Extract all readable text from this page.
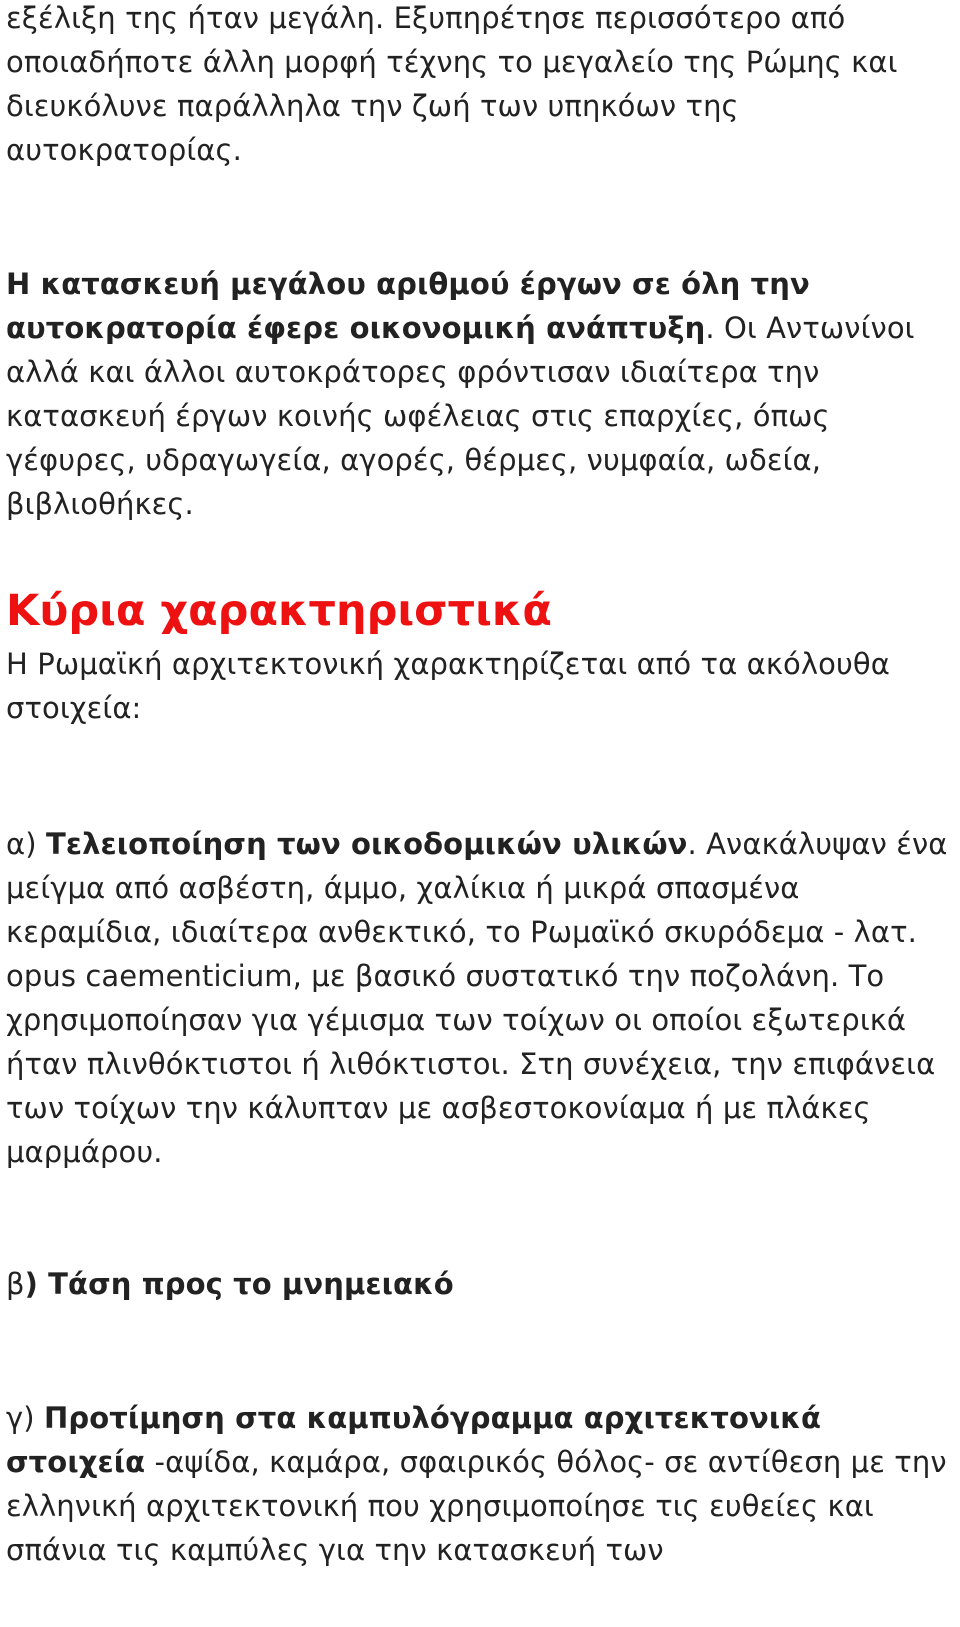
εξέλιξη της ήταν μεγάλη. Εξυπηρέτησε περισσότερο από οποιαδήποτε άλλη μορφή τέχνης το μεγαλείο της Ρώμης και διευκόλυνε παράλληλα την ζωή των υπηκόων της αυτοκρατορίας.

Η κατασκευή μεγάλου αριθμού έργων σε όλη την αυτοκρατορία έφερε οικονομική ανάπτυξη. Οι Αντωνίνοι αλλά και άλλοι αυτοκράτορες φρόντισαν ιδιαίτερα την κατασκευή έργων κοινής ωφέλειας στις επαρχίες, όπως γέφυρες, υδραγωγεία, αγορές, θέρμες, νυμφαία, ωδεία, βιβλιοθήκες.

Κύρια χαρακτηριστικά

Η Ρωμαϊκή αρχιτεκτονική χαρακτηρίζεται από τα ακόλουθα στοιχεία:

α) Τελειοποίηση των οικοδομικών υλικών. Ανακάλυψαν ένα μείγμα από ασβέστη, άμμο, χαλίκια ή μικρά σπασμένα κεραμίδια, ιδιαίτερα ανθεκτικό, το Ρωμαϊκό σκυρόδεμα - λατ. opus caementicium, με βασικό συστατικό την ποζολάνη. Το χρησιμοποίησαν για γέμισμα των τοίχων οι οποίοι εξωτερικά ήταν πλινθόκτιστοι ή λιθόκτιστοι. Στη συνέχεια, την επιφάνεια των τοίχων την κάλυπταν με ασβεστοκονίαμα ή με πλάκες μαρμάρου.

β) Τάση προς το μνημειακό

γ) Προτίμηση στα καμπυλόγραμμα αρχιτεκτονικά στοιχεία -αψίδα, καμάρα, σφαιρικός θόλος- σε αντίθεση με την ελληνική αρχιτεκτονική που χρησιμοποίησε τις ευθείες και σπάνια τις καμπύλες για την κατασκευή των
